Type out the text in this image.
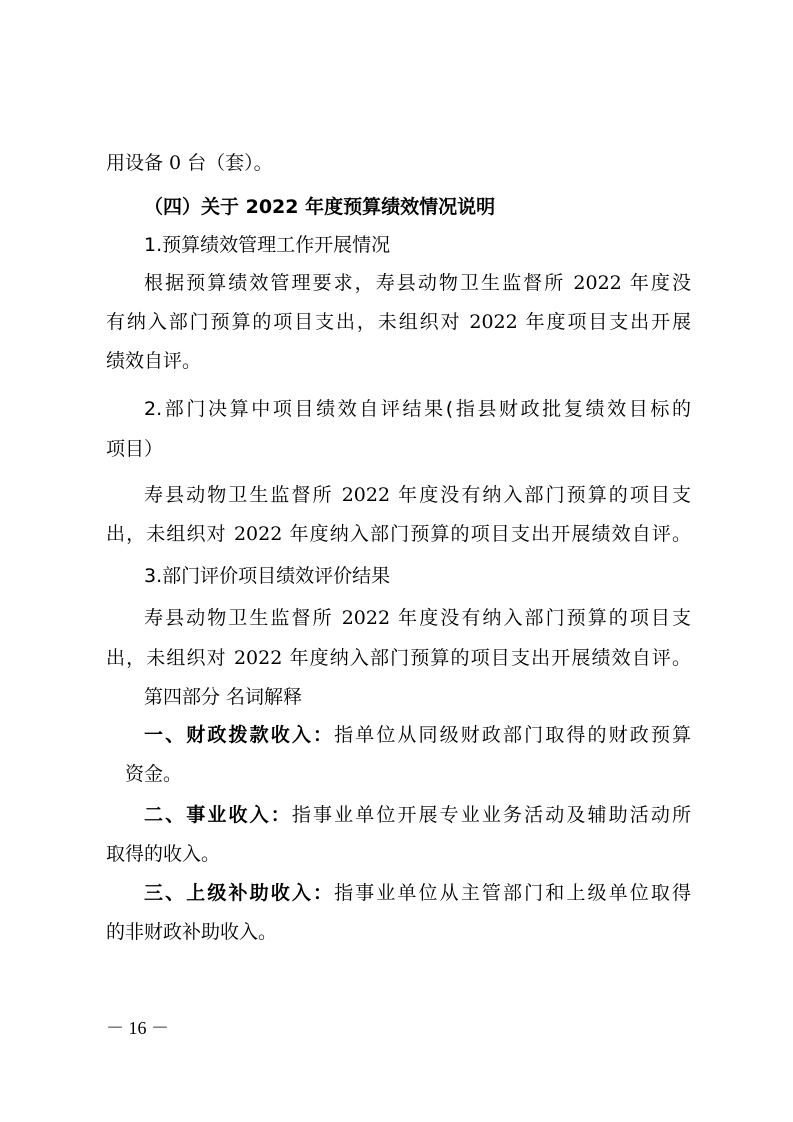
用设备 0 台（套）。
（四）关于 2022 年度预算绩效情况说明
1.预算绩效管理工作开展情况
根据预算绩效管理要求，寿县动物卫生监督所 2022 年度没
有纳入部门预算的项目支出，未组织对 2022 年度项目支出开展
绩效自评。
2.部门决算中项目绩效自评结果(指县财政批复绩效目标的
项目）
寿县动物卫生监督所 2022 年度没有纳入部门预算的项目支
出，未组织对 2022 年度纳入部门预算的项目支出开展绩效自评。
3.部门评价项目绩效评价结果
寿县动物卫生监督所 2022 年度没有纳入部门预算的项目支
出，未组织对 2022 年度纳入部门预算的项目支出开展绩效自评。
第四部分 名词解释
一、财政拨款收入：指单位从同级财政部门取得的财政预算
资金。
二、事业收入：指事业单位开展专业业务活动及辅助活动所
取得的收入。
三、上级补助收入：指事业单位从主管部门和上级单位取得
的非财政补助收入。
－ 16 －
